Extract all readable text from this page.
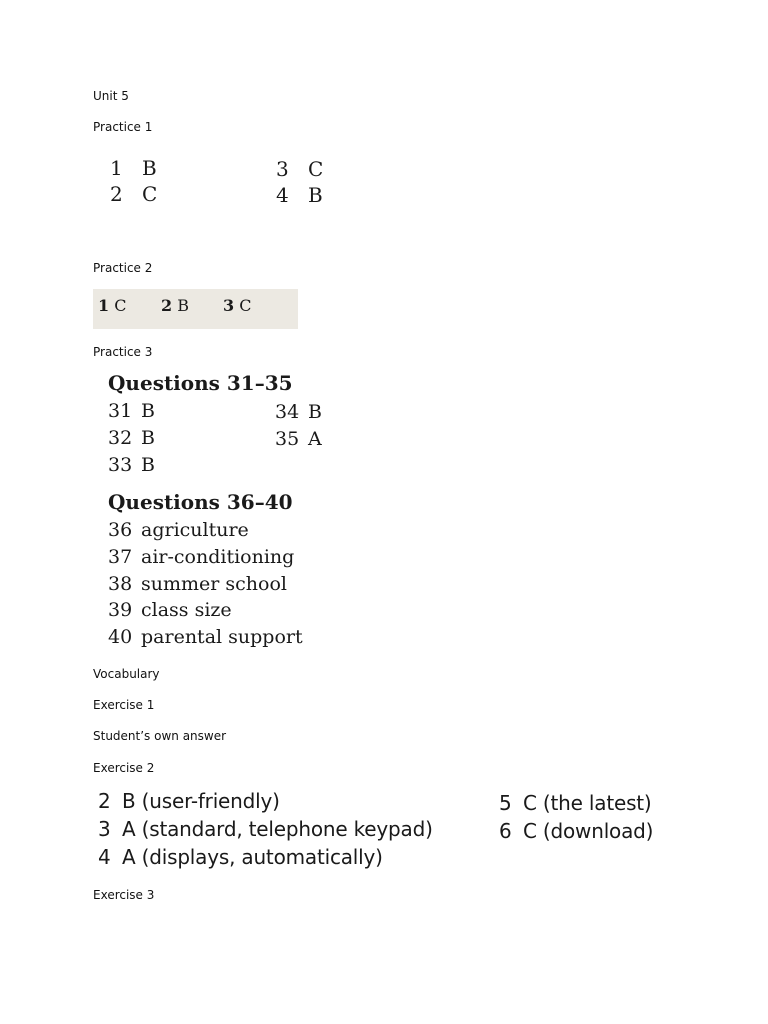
Unit 5
Practice 1
1 B
2 C
3 C
4 B
Practice 2
1 C 2 B 3 C
Practice 3
Questions 31–35
31 B
32 B
33 B
34 B
35 A
Questions 36–40
36 agriculture
37 air-conditioning
38 summer school
39 class size
40 parental support
Vocabulary
Exercise 1
Student’s own answer
Exercise 2
2 B (user-friendly)
3 A (standard, telephone keypad)
4 A (displays, automatically)
5 C (the latest)
6 C (download)
Exercise 3
